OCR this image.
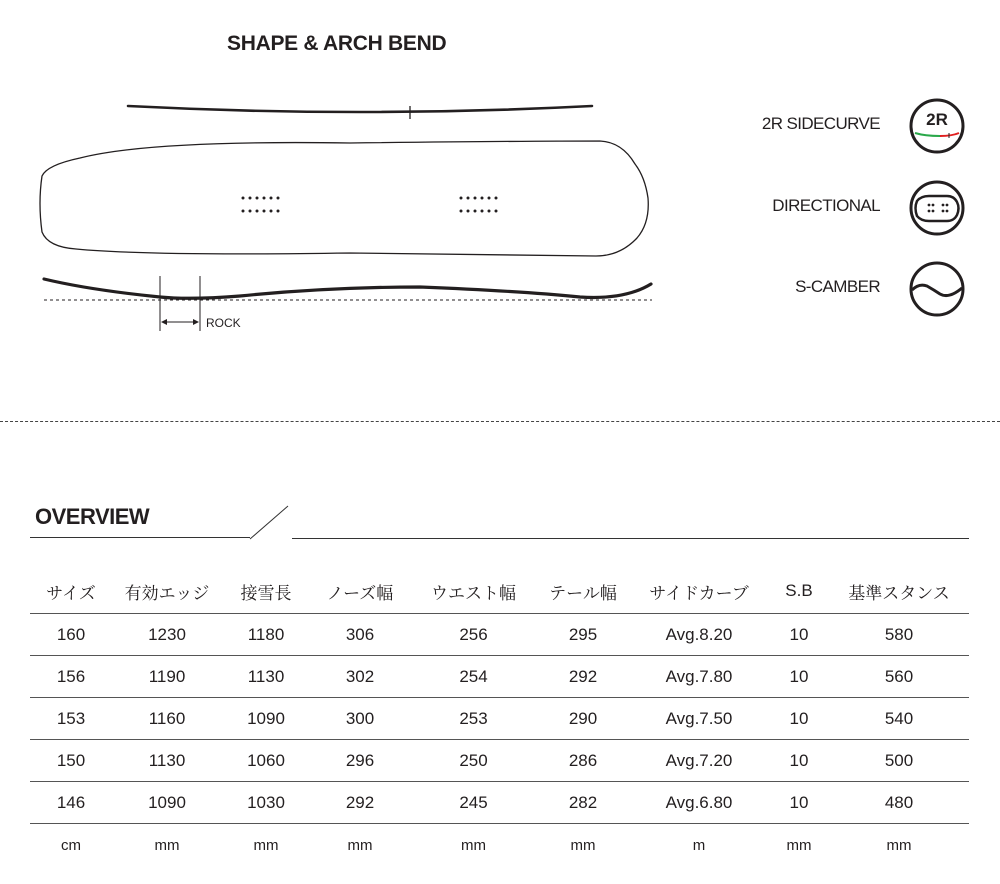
SHAPE & ARCH BEND
ROCK
2R SIDECURVE	2R
DIRECTIONAL
S-CAMBER
OVERVIEW
サイズ	有効エッジ	接雪長	ノーズ幅	ウエスト幅	テール幅	サイドカーブ	S.B	基準スタンス
160	1230	1180	306	256	295	Avg.8.20	10	580
156	1190	1130	302	254	292	Avg.7.80	10	560
153	1160	1090	300	253	290	Avg.7.50	10	540
150	1130	1060	296	250	286	Avg.7.20	10	500
146	1090	1030	292	245	282	Avg.6.80	10	480
cm	mm	mm	mm	mm	mm	m	mm	mm
